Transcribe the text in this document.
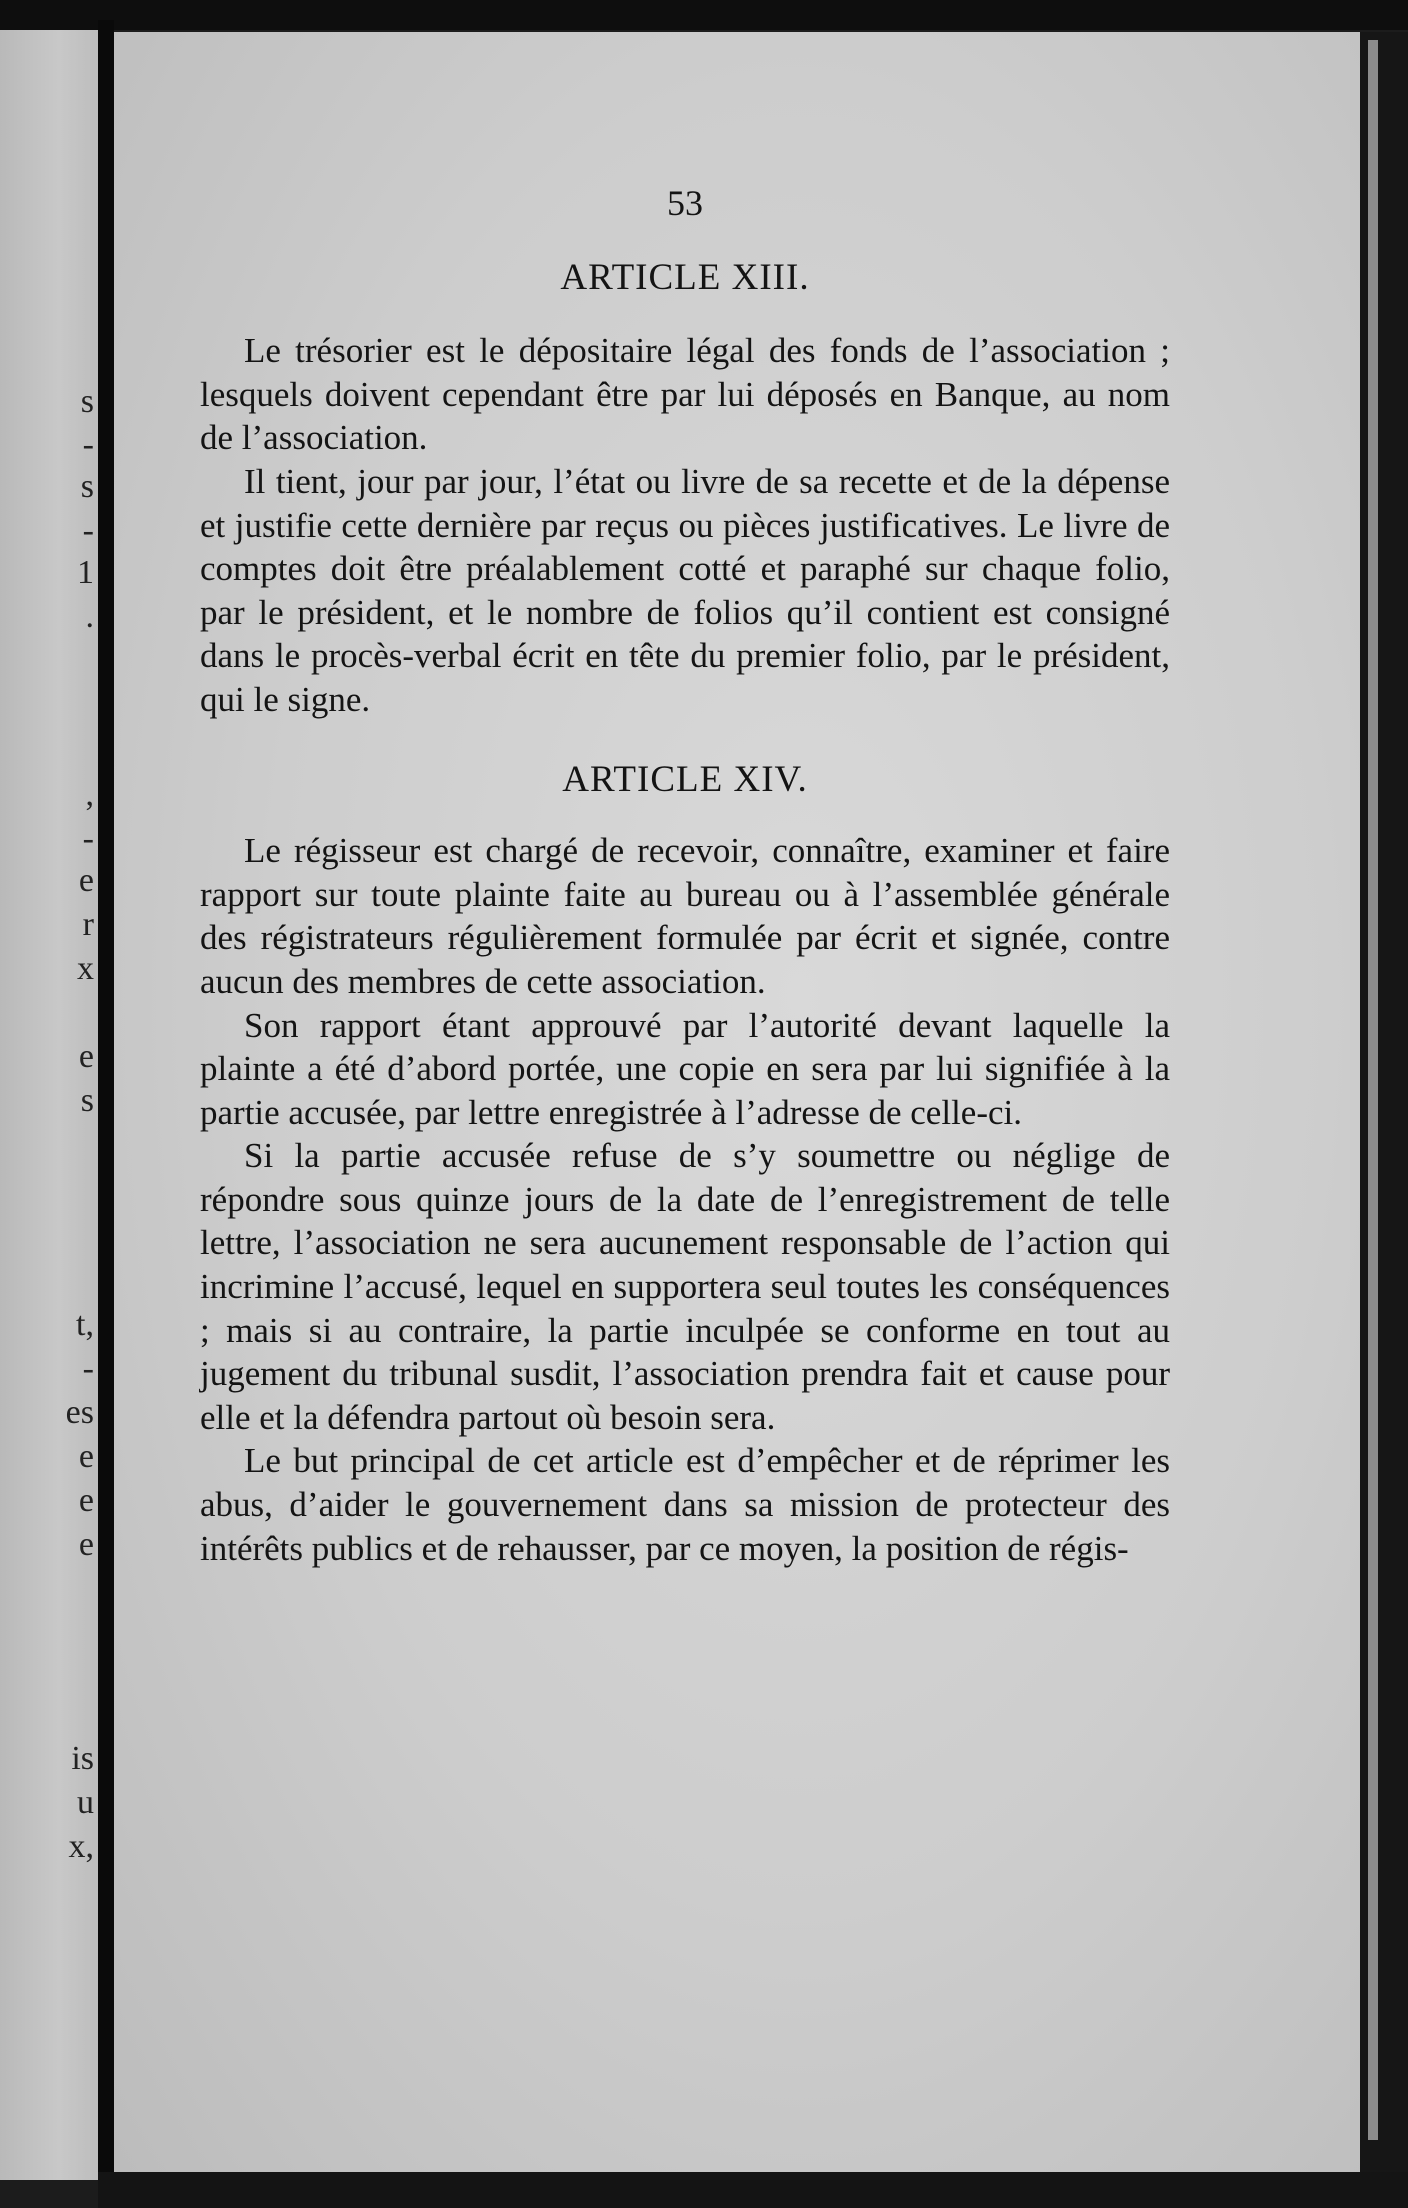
s
-
s
-
1
.
,
-
e
r
x
e
s
t,
-
es
e
e
e
is
u
x,
53
ARTICLE XIII.

Le trésorier est le dépositaire légal des fonds de l’association ; lesquels doivent cependant être par lui déposés en Banque, au nom de l’association.

Il tient, jour par jour, l’état ou livre de sa recette et de la dépense et justifie cette dernière par reçus ou pièces justificatives. Le livre de comptes doit être préalablement cotté et paraphé sur chaque folio, par le président, et le nombre de folios qu’il contient est consigné dans le procès-verbal écrit en tête du premier folio, par le président, qui le signe.

ARTICLE XIV.

Le régisseur est chargé de recevoir, connaître, examiner et faire rapport sur toute plainte faite au bureau ou à l’assemblée générale des régistrateurs régulièrement formulée par écrit et signée, contre aucun des membres de cette association.

Son rapport étant approuvé par l’autorité devant laquelle la plainte a été d’abord portée, une copie en sera par lui signifiée à la partie accusée, par lettre enregistrée à l’adresse de celle-ci.

Si la partie accusée refuse de s’y soumettre ou néglige de répondre sous quinze jours de la date de l’enregistrement de telle lettre, l’association ne sera aucunement responsable de l’action qui incrimine l’accusé, lequel en supportera seul toutes les conséquences ; mais si au contraire, la partie inculpée se conforme en tout au jugement du tribunal susdit, l’association prendra fait et cause pour elle et la défendra partout où besoin sera.

Le but principal de cet article est d’empêcher et de réprimer les abus, d’aider le gouvernement dans sa mission de protecteur des intérêts publics et de rehausser, par ce moyen, la position de régis-
